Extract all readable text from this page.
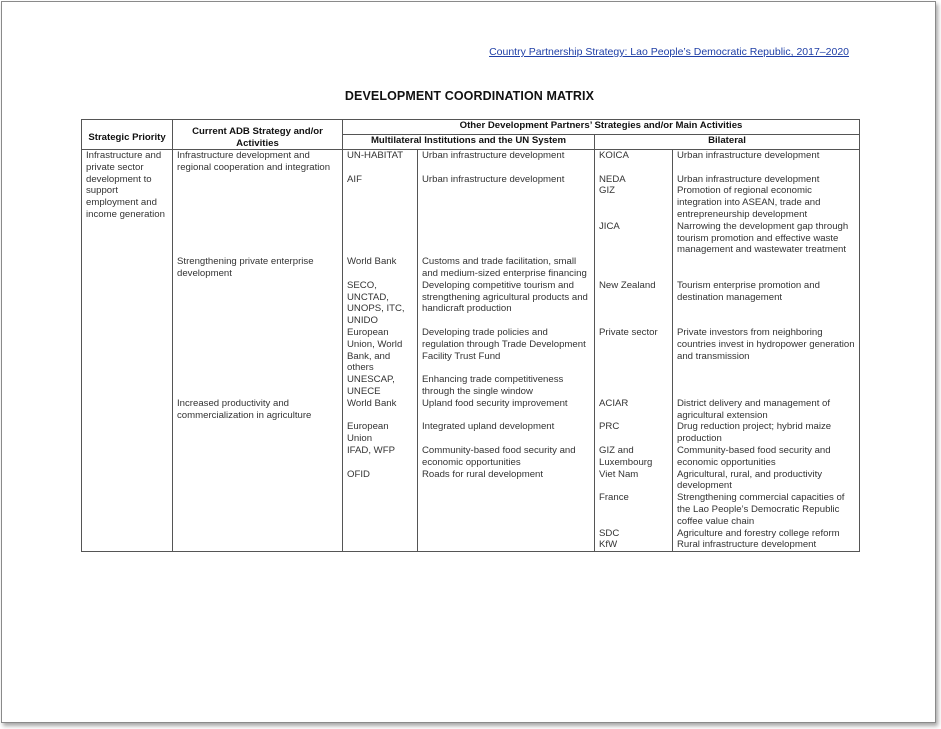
Country Partnership Strategy: Lao People’s Democratic Republic, 2017–2020
DEVELOPMENT COORDINATION MATRIX
Strategic Priority	Current ADB Strategy and/or Activities	Other Development Partners’ Strategies and/or Main Activities			
		Multilateral Institutions and the UN System		Bilateral	
Infrastructure and private sector development to support employment and income generation	Infrastructure development and regional cooperation and integration	UN-HABITAT	Urban infrastructure development	KOICA	Urban infrastructure development
		AIF	Urban infrastructure development	NEDA	Urban infrastructure development
				GIZ	Promotion of regional economic integration into ASEAN, trade and entrepreneurship development
				JICA	Narrowing the development gap through tourism promotion and effective waste management and wastewater treatment
	Strengthening private enterprise development	World Bank	Customs and trade facilitation, small and medium-sized enterprise financing		
		SECO, UNCTAD, UNOPS, ITC, UNIDO	Developing competitive tourism and strengthening agricultural products and handicraft production	New Zealand	Tourism enterprise promotion and destination management
		European Union, World Bank, and others	Developing trade policies and regulation through Trade Development Facility Trust Fund	Private sector	Private investors from neighboring countries invest in hydropower generation and transmission
		UNESCAP, UNECE	Enhancing trade competitiveness through the single window		
	Increased productivity and commercialization in agriculture	World Bank	Upland food security improvement	ACIAR	District delivery and management of agricultural extension
		European Union	Integrated upland development	PRC	Drug reduction project; hybrid maize production
		IFAD, WFP	Community-based food security and economic opportunities	GIZ and Luxembourg	Community-based food security and economic opportunities
		OFID	Roads for rural development	Viet Nam	Agricultural, rural, and productivity development
				France	Strengthening commercial capacities of the Lao People’s Democratic Republic coffee value chain
				SDC	Agriculture and forestry college reform
				KfW	Rural infrastructure development
